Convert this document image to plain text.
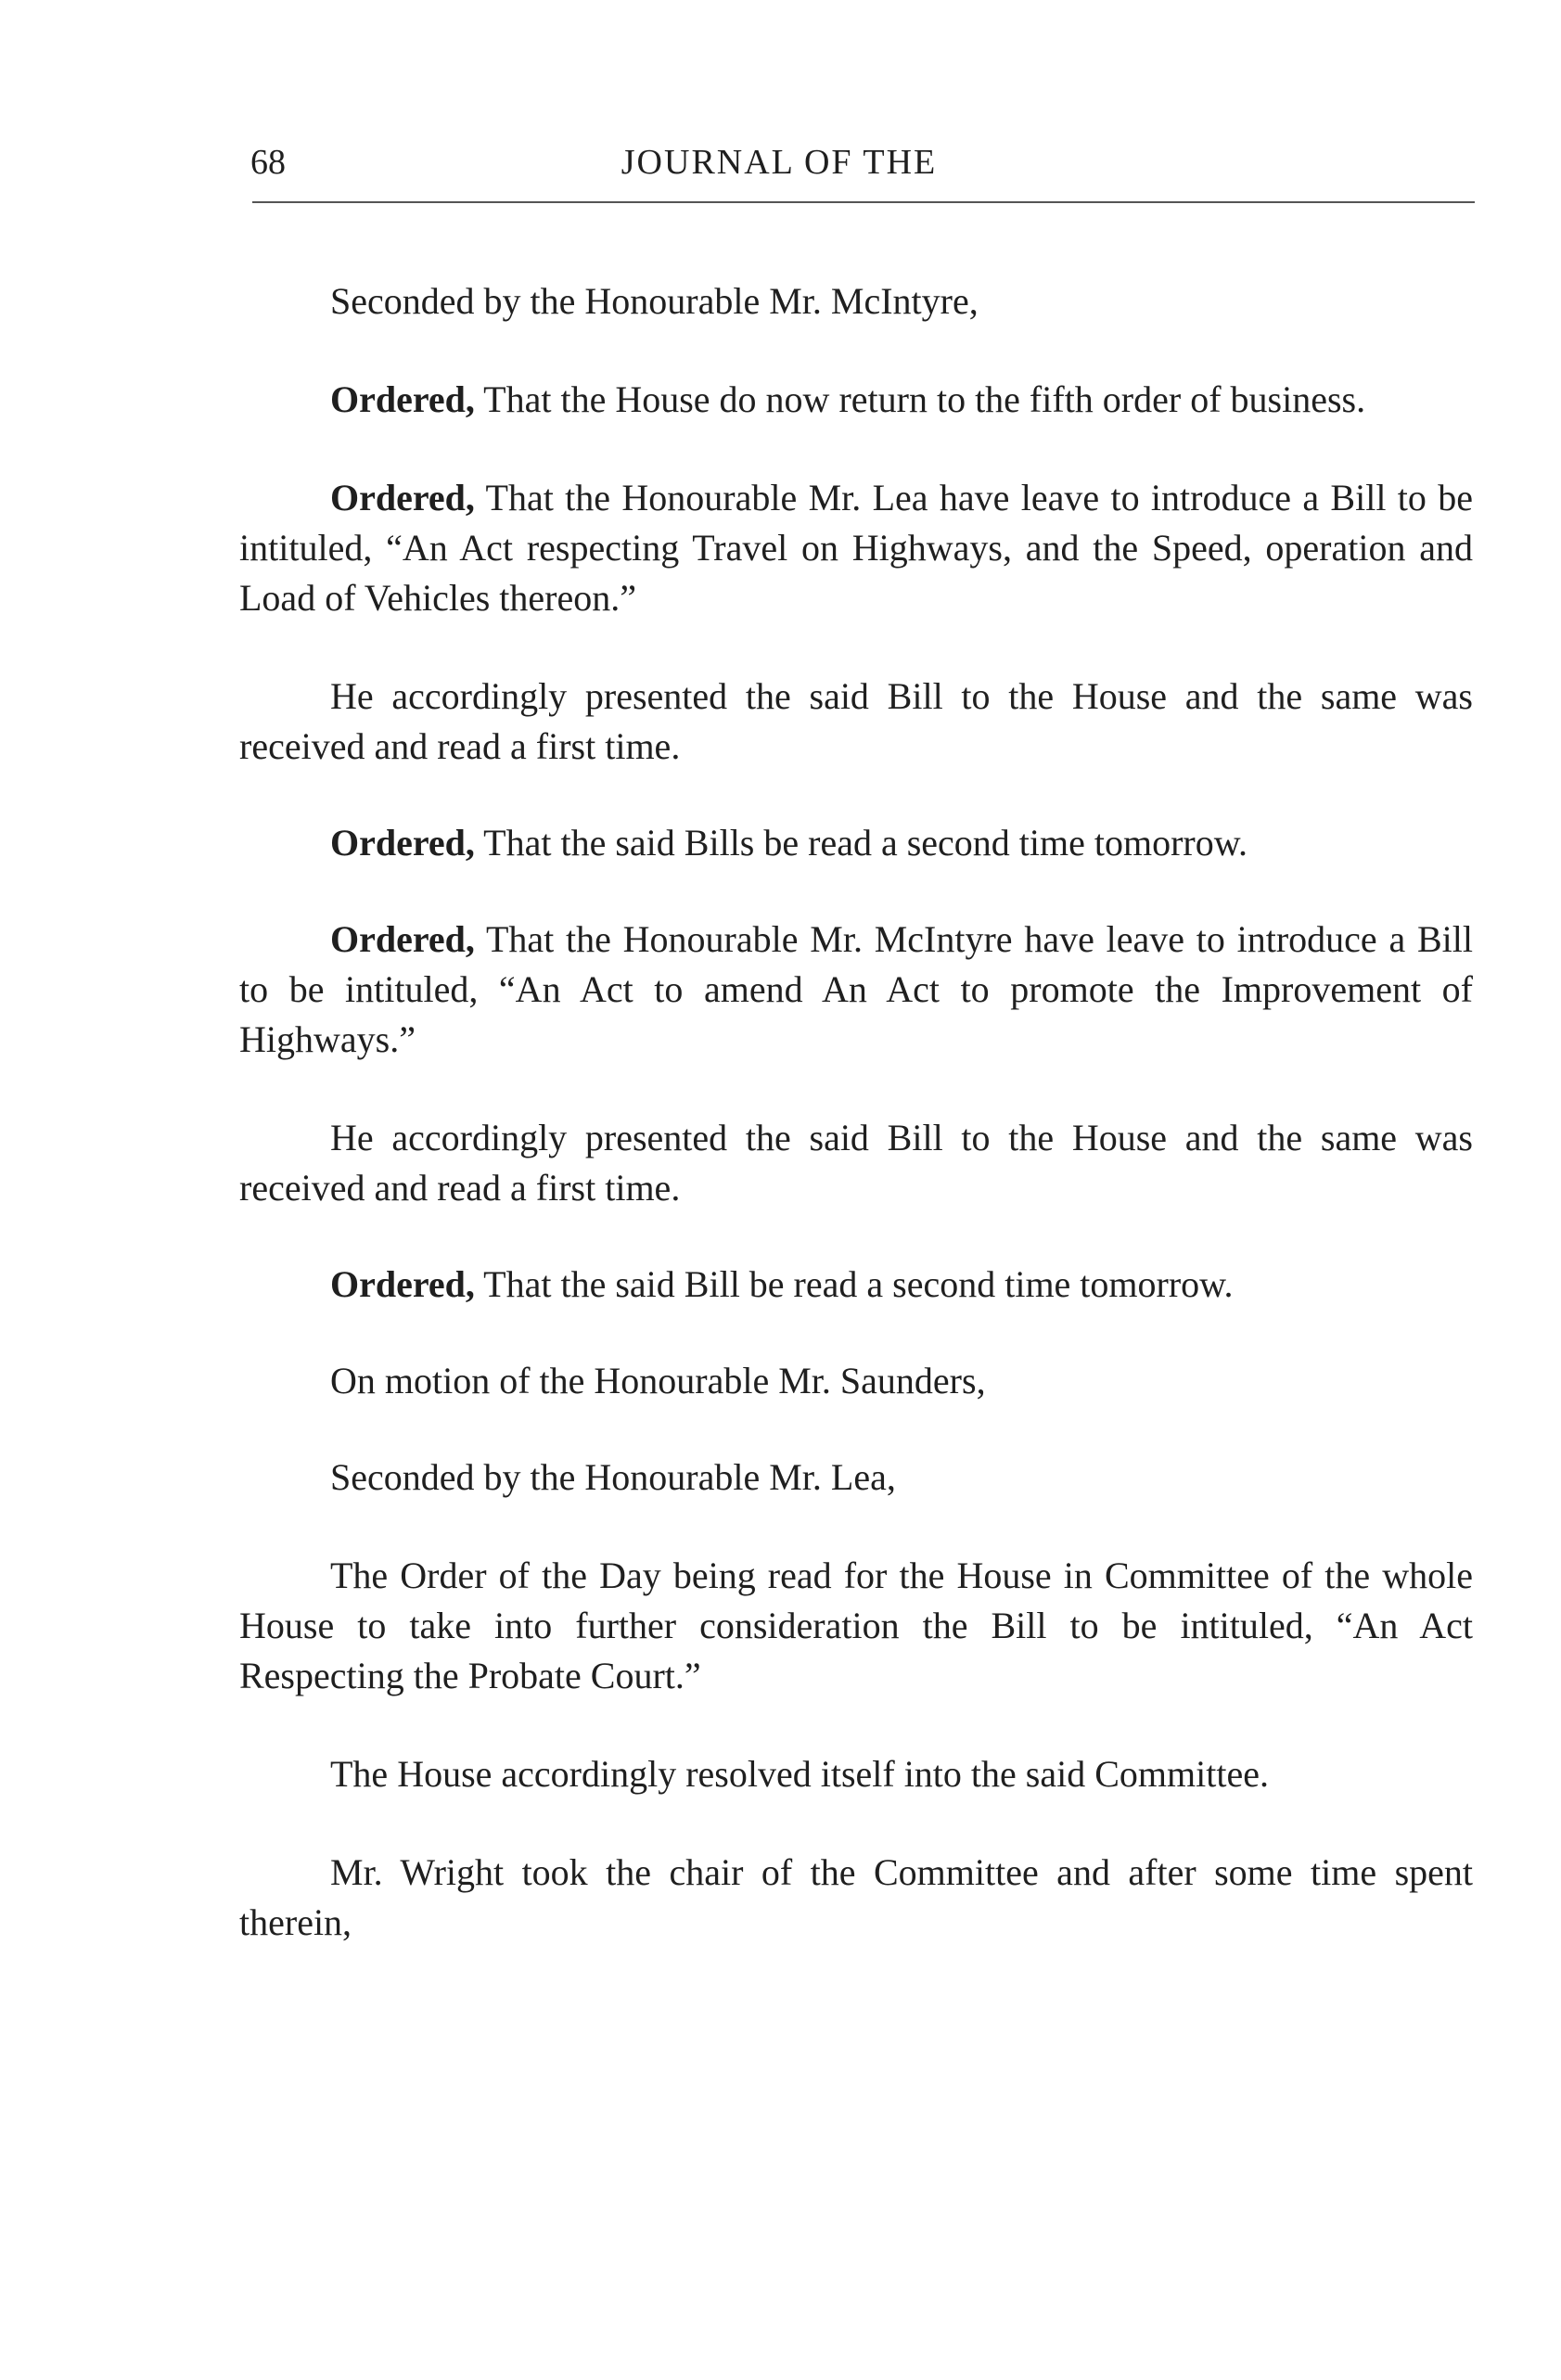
68	JOURNAL OF THE

Seconded by the Honourable Mr. McIntyre,

Ordered, That the House do now return to the fifth order of business.

Ordered, That the Honourable Mr. Lea have leave to introduce a Bill to be intituled, “An Act respecting Travel on Highways, and the Speed, operation and Load of Vehicles thereon.”

He accordingly presented the said Bill to the House and the same was received and read a first time.

Ordered, That the said Bills be read a second time tomorrow.

Ordered, That the Honourable Mr. McIntyre have leave to introduce a Bill to be intituled, “An Act to amend An Act to promote the Improvement of Highways.”

He accordingly presented the said Bill to the House and the same was received and read a first time.

Ordered, That the said Bill be read a second time tomorrow.

On motion of the Honourable Mr. Saunders,

Seconded by the Honourable Mr. Lea,

The Order of the Day being read for the House in Committee of the whole House to take into further consideration the Bill to be intituled, “An Act Respecting the Probate Court.”

The House accordingly resolved itself into the said Committee.

Mr. Wright took the chair of the Committee and after some time spent therein,
